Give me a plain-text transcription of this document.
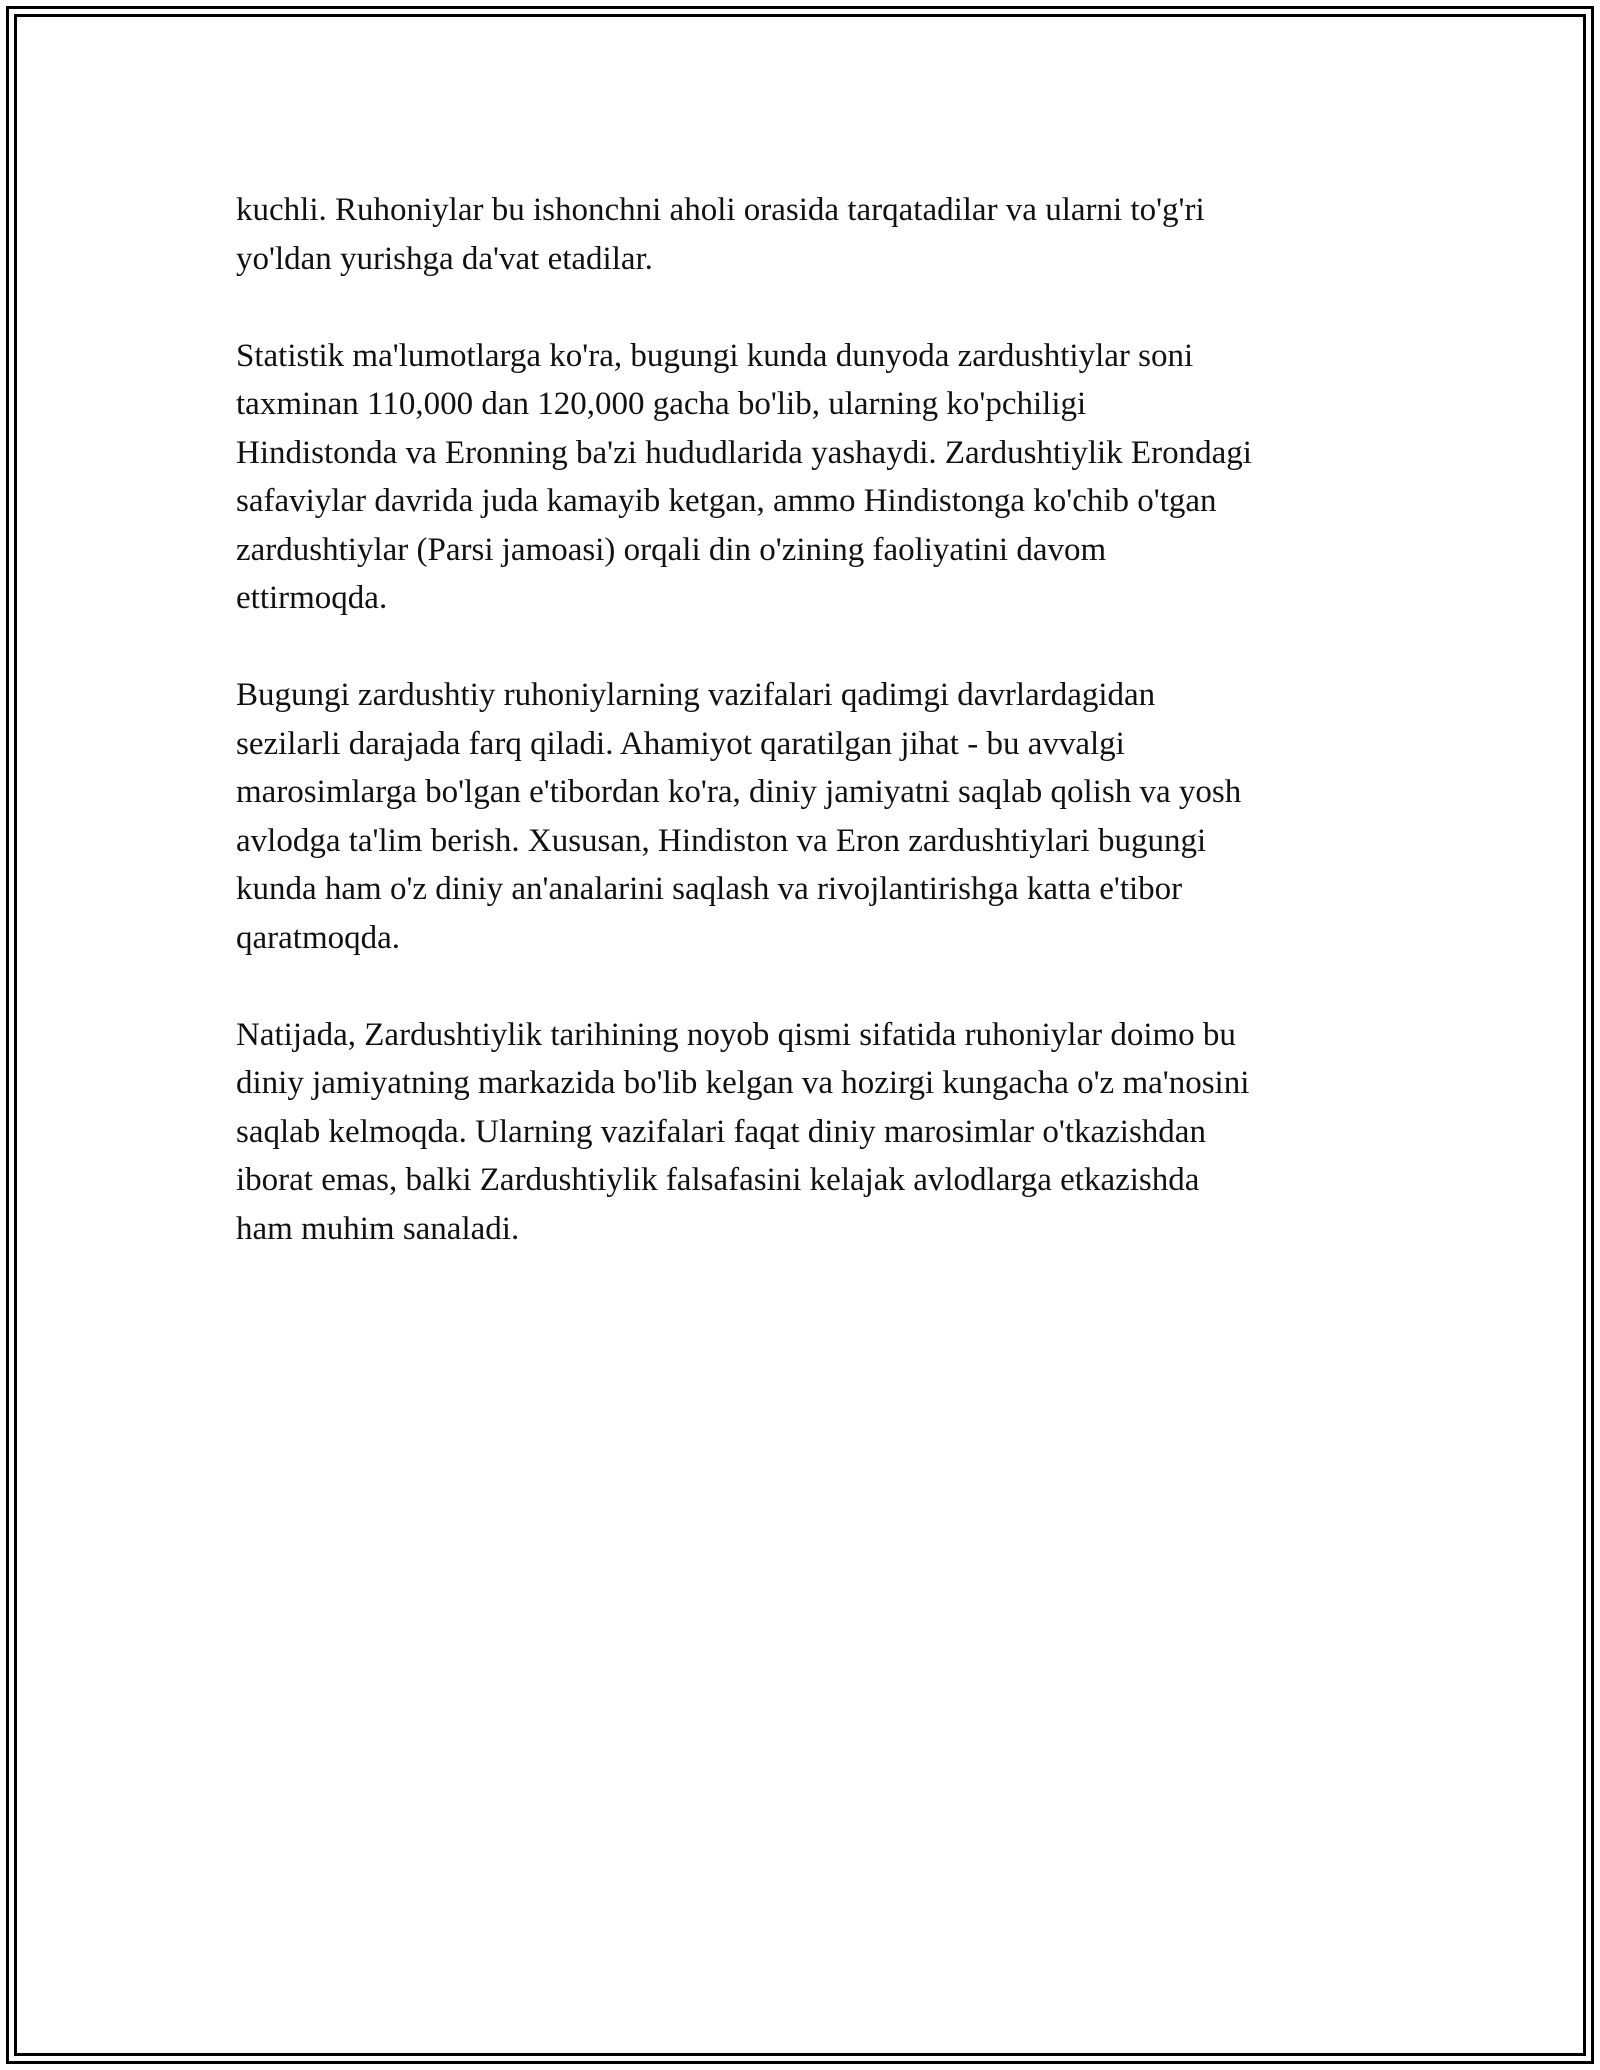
kuchli. Ruhoniylar bu ishonchni aholi orasida tarqatadilar va ularni to'g'ri
yo'ldan yurishga da'vat etadilar.

Statistik ma'lumotlarga ko'ra, bugungi kunda dunyoda zardushtiylar soni
taxminan 110,000 dan 120,000 gacha bo'lib, ularning ko'pchiligi
Hindistonda va Eronning ba'zi hududlarida yashaydi. Zardushtiylik Erondagi
safaviylar davrida juda kamayib ketgan, ammo Hindistonga ko'chib o'tgan
zardushtiylar (Parsi jamoasi) orqali din o'zining faoliyatini davom
ettirmoqda.

Bugungi zardushtiy ruhoniylarning vazifalari qadimgi davrlardagidan
sezilarli darajada farq qiladi. Ahamiyot qaratilgan jihat - bu avvalgi
marosimlarga bo'lgan e'tibordan ko'ra, diniy jamiyatni saqlab qolish va yosh
avlodga ta'lim berish. Xususan, Hindiston va Eron zardushtiylari bugungi
kunda ham o'z diniy an'analarini saqlash va rivojlantirishga katta e'tibor
qaratmoqda.

Natijada, Zardushtiylik tarihining noyob qismi sifatida ruhoniylar doimo bu
diniy jamiyatning markazida bo'lib kelgan va hozirgi kungacha o'z ma'nosini
saqlab kelmoqda. Ularning vazifalari faqat diniy marosimlar o'tkazishdan
iborat emas, balki Zardushtiylik falsafasini kelajak avlodlarga etkazishda
ham muhim sanaladi.
